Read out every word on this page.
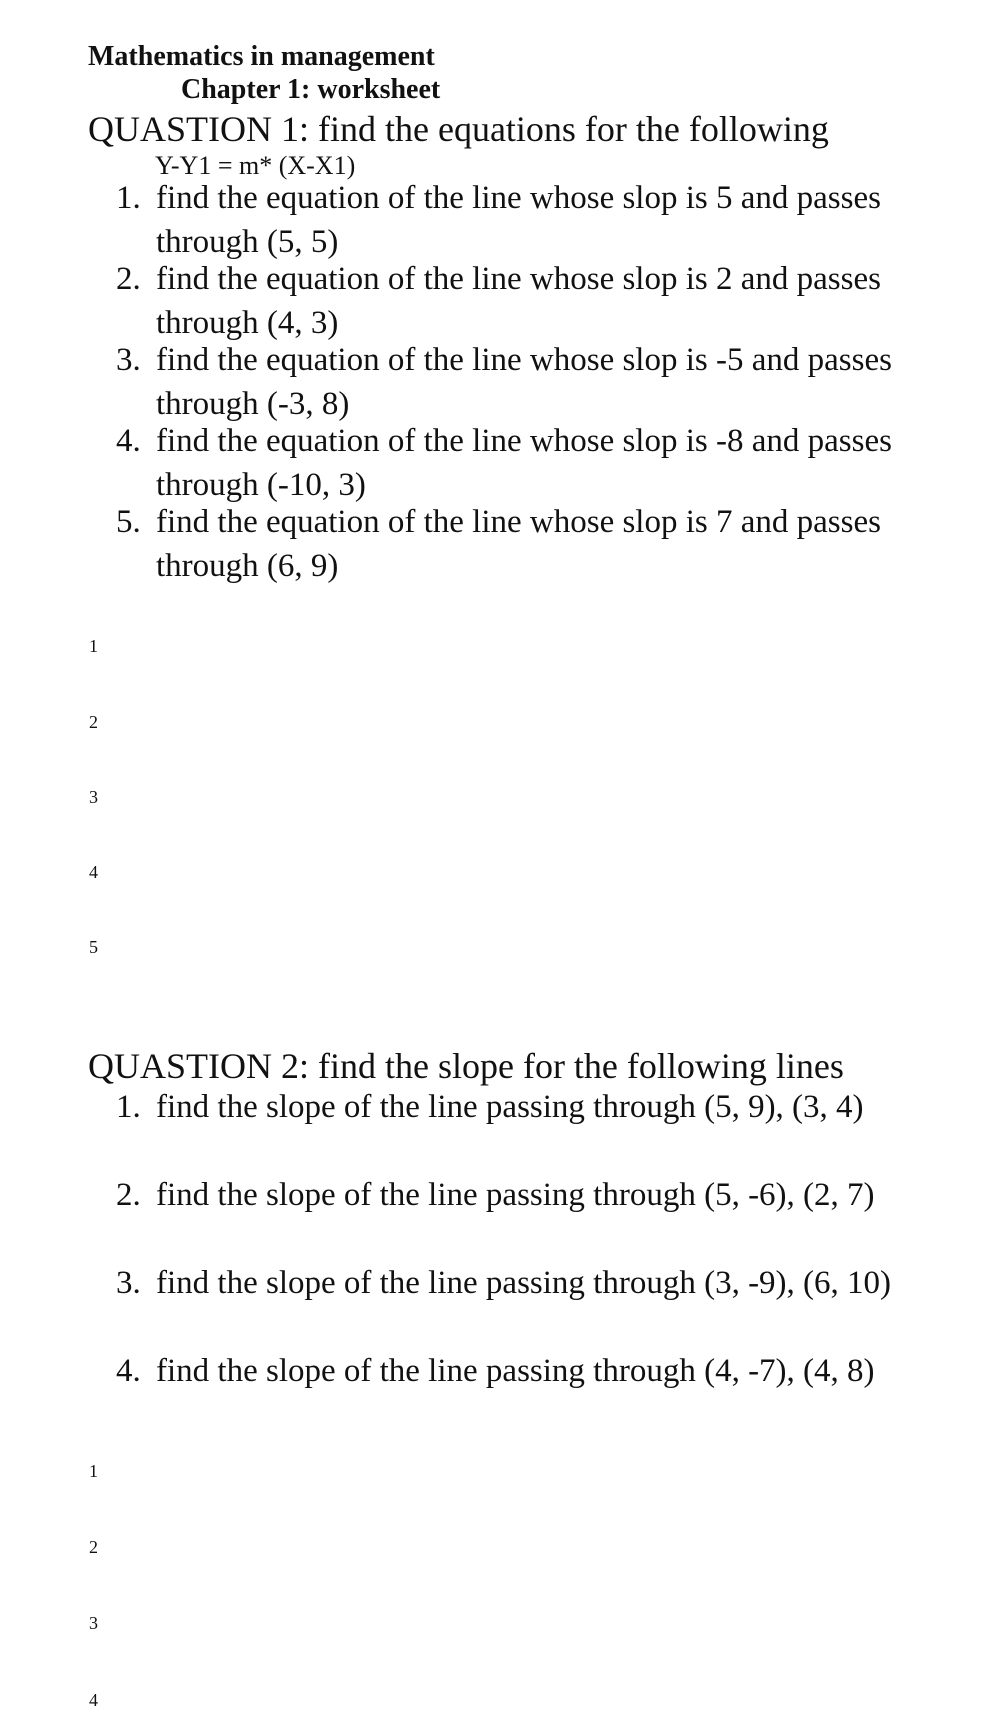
Mathematics in management
Chapter 1: worksheet
QUASTION 1: find the equations for the following
Y-Y1 = m* (X-X1)
1. find the equation of the line whose slop is 5 and passes through (5, 5)
2. find the equation of the line whose slop is 2 and passes through (4, 3)
3. find the equation of the line whose slop is -5 and passes through (-3, 8)
4. find the equation of the line whose slop is -8 and passes through (-10, 3)
5. find the equation of the line whose slop is 7 and passes through (6, 9)
1
2
3
4
5
QUASTION 2: find the slope for the following lines
1. find the slope of the line passing through (5, 9), (3, 4)
2. find the slope of the line passing through (5, -6), (2, 7)
3. find the slope of the line passing through (3, -9), (6, 10)
4. find the slope of the line passing through (4, -7), (4, 8)
1
2
3
4
